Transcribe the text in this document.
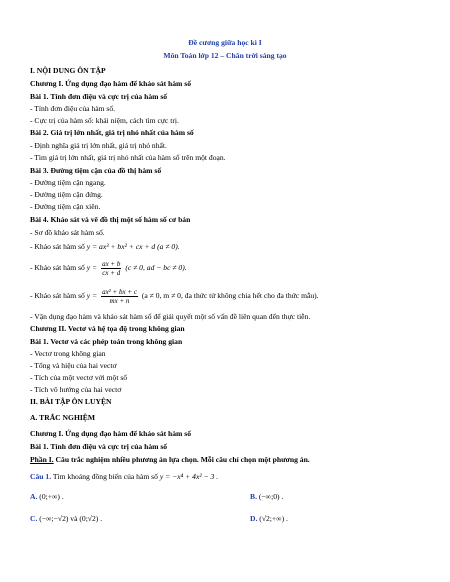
Đề cương giữa học kì I
Môn Toán lớp 12 – Chân trời sáng tạo
I. NỘI DUNG ÔN TẬP
Chương I. Ứng dụng đạo hàm để khảo sát hàm số
Bài 1. Tính đơn điệu và cực trị của hàm số
- Tính đơn điệu của hàm số.
- Cực trị của hàm số: khái niệm, cách tìm cực trị.
Bài 2. Giá trị lớn nhất, giá trị nhỏ nhất của hàm số
- Định nghĩa giá trị lớn nhất, giá trị nhỏ nhất.
- Tìm giá trị lớn nhất, giá trị nhỏ nhất của hàm số trên một đoạn.
Bài 3. Đường tiệm cận của đồ thị hàm số
- Đường tiệm cận ngang.
- Đường tiệm cận đứng.
- Đường tiệm cận xiên.
Bài 4. Khảo sát và vẽ đồ thị một số hàm số cơ bản
- Sơ đồ khảo sát hàm số.
- Khảo sát hàm số y = ax³ + bx² + cx + d (a ≠ 0).
- Khảo sát hàm số $y = \frac{ax + b}{cx + d} (c \ne 0$, ad − bc ≠ 0).
- Khảo sát hàm số $y = \frac{\text{ax² + bx + c}}{mx + n} (a \ne 0$, m ≠ 0, đa thức tử không chia hết cho đa thức mẫu).
- Vận dụng đạo hàm và khảo sát hàm số để giải quyết một số vấn đề liên quan đến thực tiễn.
Chương II. Vectơ và hệ tọa độ trong không gian
Bài 1. Vectơ và các phép toán trong không gian
- Vectơ trong không gian
- Tổng và hiệu của hai vectơ
- Tích của một vectơ với một số
- Tích vô hướng của hai vectơ
II. BÀI TẬP ÔN LUYỆN
A. TRẮC NGHIỆM
Chương I. Ứng dụng đạo hàm để khảo sát hàm số
Bài 1. Tính đơn điệu và cực trị của hàm số
Phần I. Câu trắc nghiệm nhiều phương án lựa chọn. Mỗi câu chỉ chọn một phương án.
Câu 1. Tìm khoảng đồng biến của hàm số y = −x⁴ + 4x² − 3 .
A. (0;+∞) .	B. (−∞;0) .
C. (−∞;−√2) và (0;√2) .	D. (√2;+∞) .
